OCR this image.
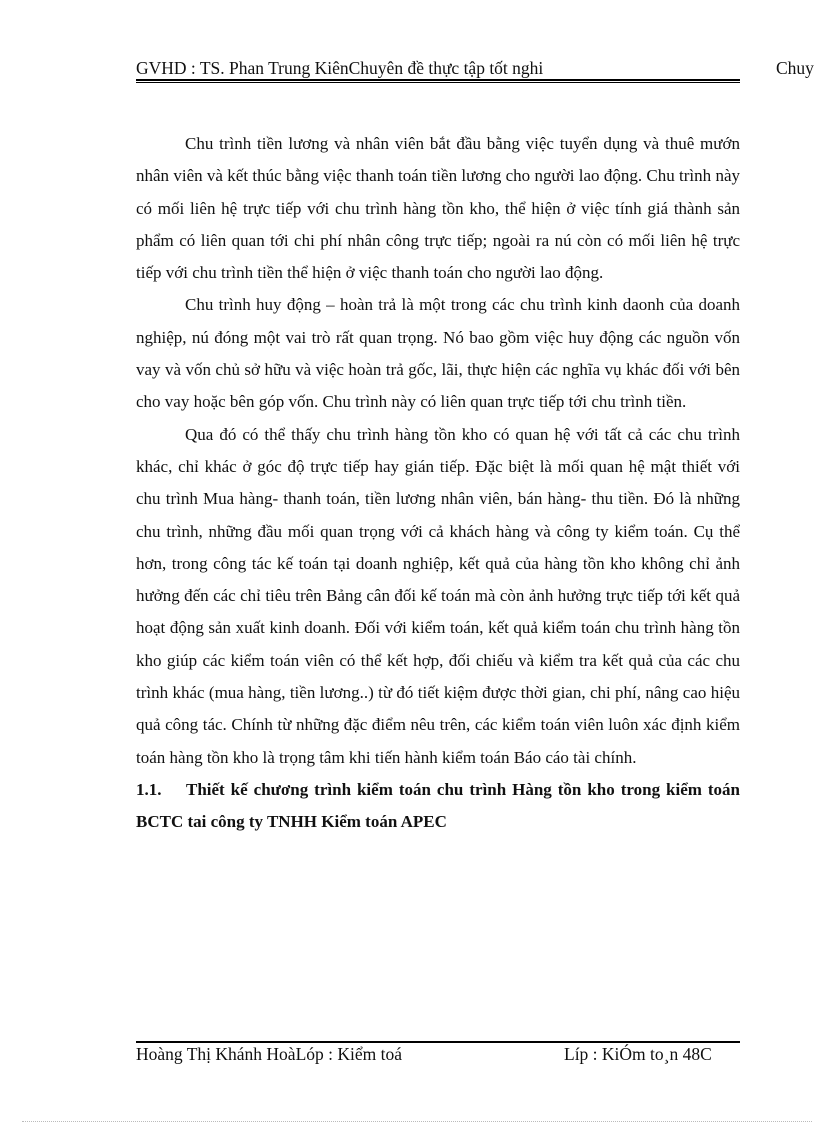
GVHD : TS. Phan Trung KiênChuyên đề thực tập tốt nghi	Chuy

Chu trình tiền lương và nhân viên bắt đầu bằng việc tuyển dụng và thuê mướn nhân viên và kết thúc bằng việc thanh toán tiền lương cho người lao động. Chu trình này có mối liên hệ trực tiếp với chu trình hàng tồn kho, thể hiện ở việc tính giá thành sản phẩm có liên quan tới chi phí nhân công trực tiếp; ngoài ra nú còn có mối liên hệ trực tiếp với chu trình tiền thể hiện ở việc thanh toán cho người lao động.

Chu trình huy động – hoàn trả là một trong các chu trình kinh daonh của doanh nghiệp, nú đóng một vai trò rất quan trọng. Nó bao gồm việc huy động các nguồn vốn vay và vốn chủ sở hữu và việc hoàn trả gốc, lãi, thực hiện các nghĩa vụ khác đối với bên cho vay hoặc bên góp vốn. Chu trình này có liên quan trực tiếp tới chu trình tiền.

Qua đó có thể thấy chu trình hàng tồn kho có quan hệ với tất cả các chu trình khác, chỉ khác ở góc độ trực tiếp hay gián tiếp. Đặc biệt là mối quan hệ mật thiết với chu trình Mua hàng- thanh toán, tiền lương nhân viên, bán hàng- thu tiền. Đó là những chu trình, những đầu mối quan trọng với cả khách hàng và công ty kiểm toán. Cụ thể hơn, trong công tác kế toán tại doanh nghiệp, kết quả của hàng tồn kho không chỉ ảnh hưởng đến các chỉ tiêu trên Bảng cân đối kế toán mà còn ảnh hưởng trực tiếp tới kết quả hoạt động sản xuất kinh doanh. Đối với kiểm toán, kết quả kiểm toán chu trình hàng tồn kho giúp các kiểm toán viên có thể kết hợp, đối chiếu và kiểm tra kết quả của các chu trình khác (mua hàng, tiền lương..) từ đó tiết kiệm được thời gian, chi phí, nâng cao hiệu quả công tác. Chính từ những đặc điểm nêu trên, các kiểm toán viên luôn xác định kiểm toán hàng tồn kho là trọng tâm khi tiến hành kiểm toán Báo cáo tài chính.

1.1. Thiết kế chương trình kiểm toán chu trình Hàng tồn kho trong kiểm toán BCTC tai công ty TNHH Kiểm toán APEC
Hoàng Thị Khánh HoàLóp : Kiểm toá	Líp : KiÓm to¸n 48C
